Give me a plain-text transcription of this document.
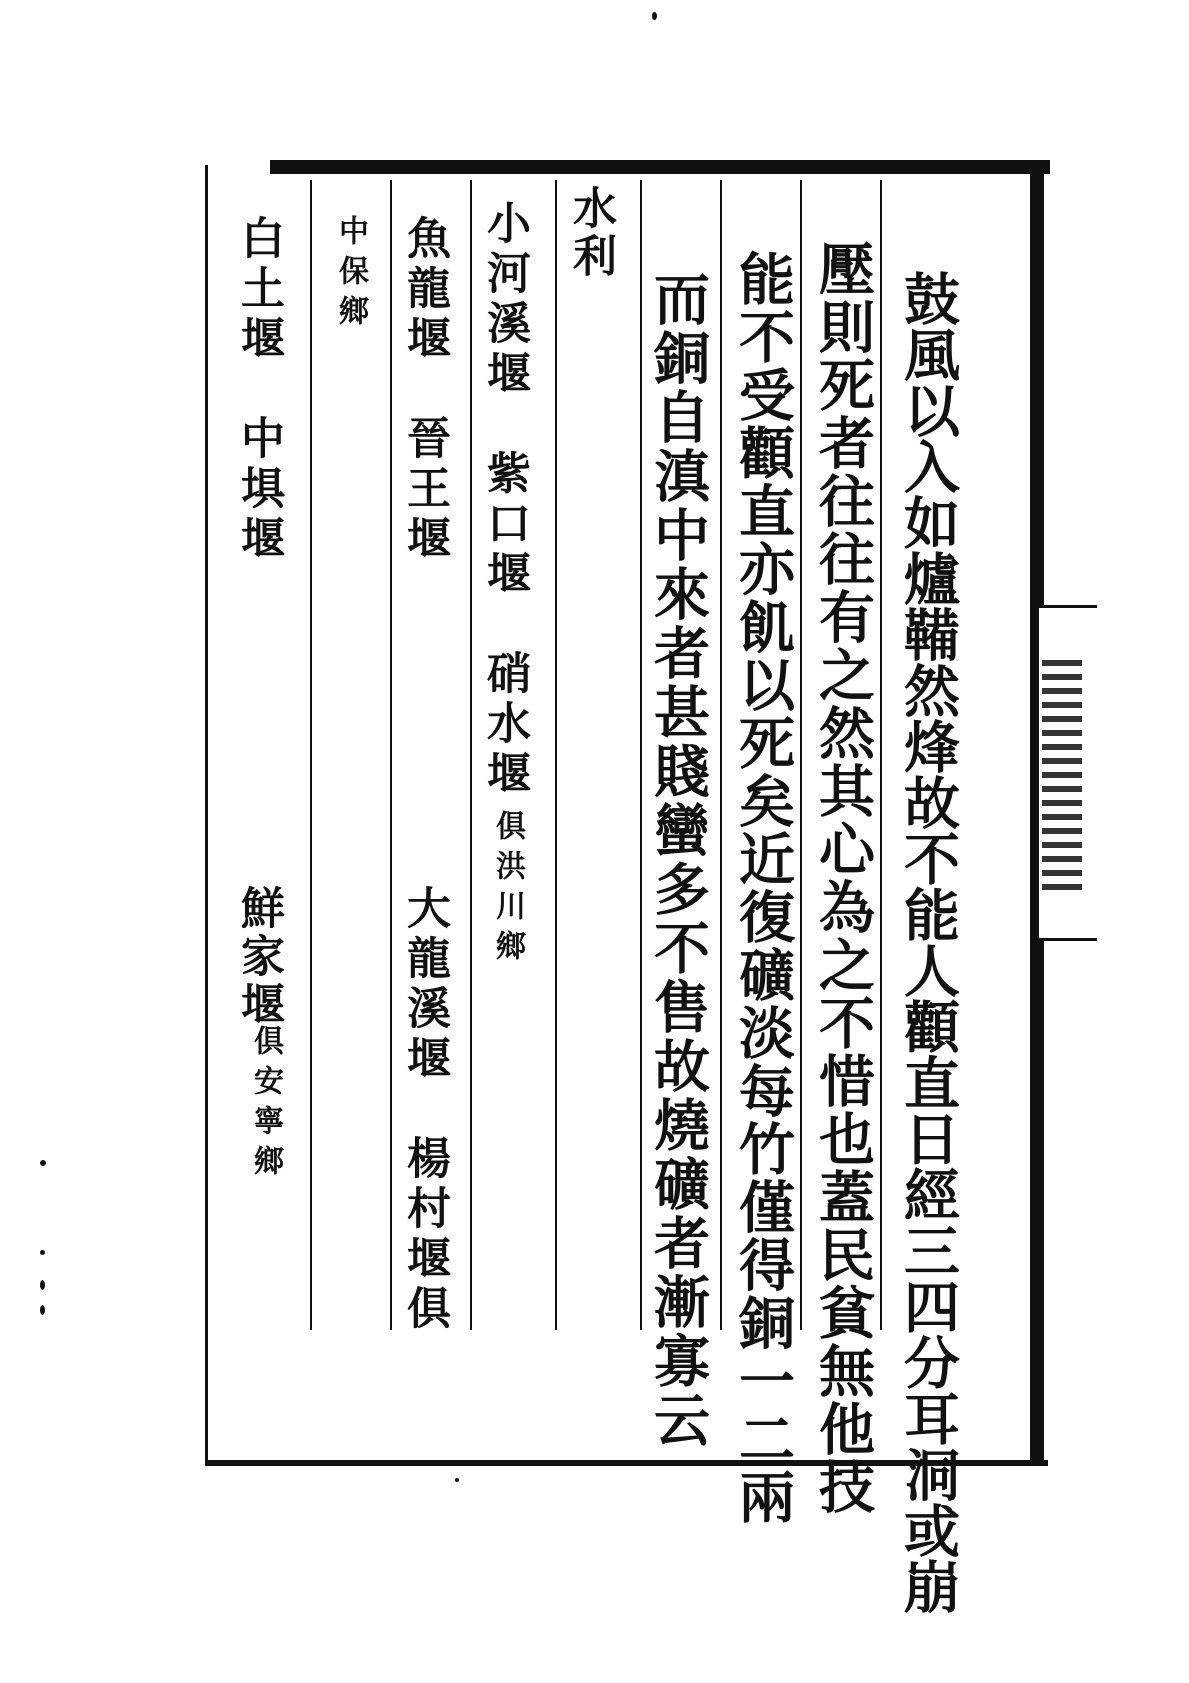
鼓風以入如爐鞴然烽故不能人顴直日經三四分耳洞或崩
壓則死者往往有之然其心為之不惜也蓋民貧無他技
能不受顴直亦飢以死矣近復礦淡每竹僅得銅一二兩
而銅自滇中來者甚賤蠻多不售故燒礦者漸寡云
水利
小河溪堰　紫口堰　硝水堰
俱洪川鄉
魚龍堰　晉王堰
大龍溪堰　楊村堰俱
中保鄉
白土堰　中埧堰
鮮家堰
俱安寧鄉
